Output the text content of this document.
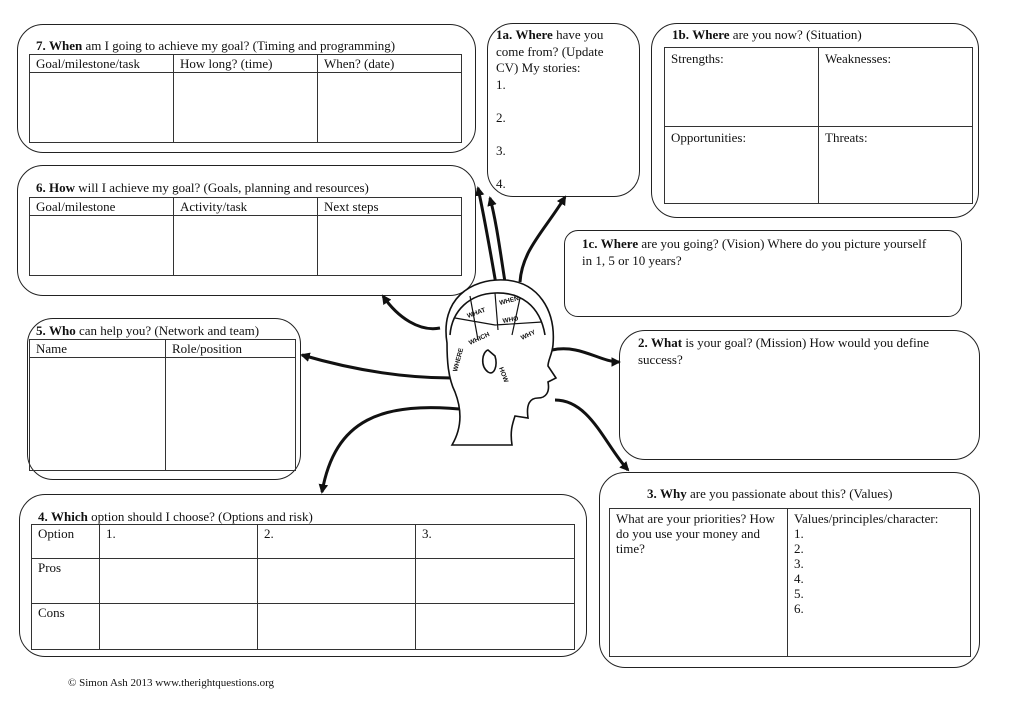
7. When am I going to achieve my goal? (Timing and programming)
Goal/milestone/task	How long? (time)	When? (date)

6. How will I achieve my goal? (Goals, planning and resources)
Goal/milestone	Activity/task	Next steps

5. Who can help you? (Network and team)
Name	Role/position

4. Which option should I choose? (Options and risk)
Option	1.	2.	3.
Pros			
Cons			
1a. Where have you come from? (Update CV) My stories:
1.
2.
3.
4.
1b. Where are you now? (Situation)
Strengths:	Weaknesses:
Opportunities:	Threats:
1c. Where are you going? (Vision) Where do you picture yourself in 1, 5 or 10 years?
2. What is your goal? (Mission) How would you define success?
3. Why are you passionate about this? (Values)
What are your priorities? How do you use your money and time?	
Values/principles/character:
1.
2.
3.
4.
5.
6.
WHAT
WHEN
WHO
WHERE
WHICH
HOW
WHY
© Simon Ash 2013 www.therightquestions.org
